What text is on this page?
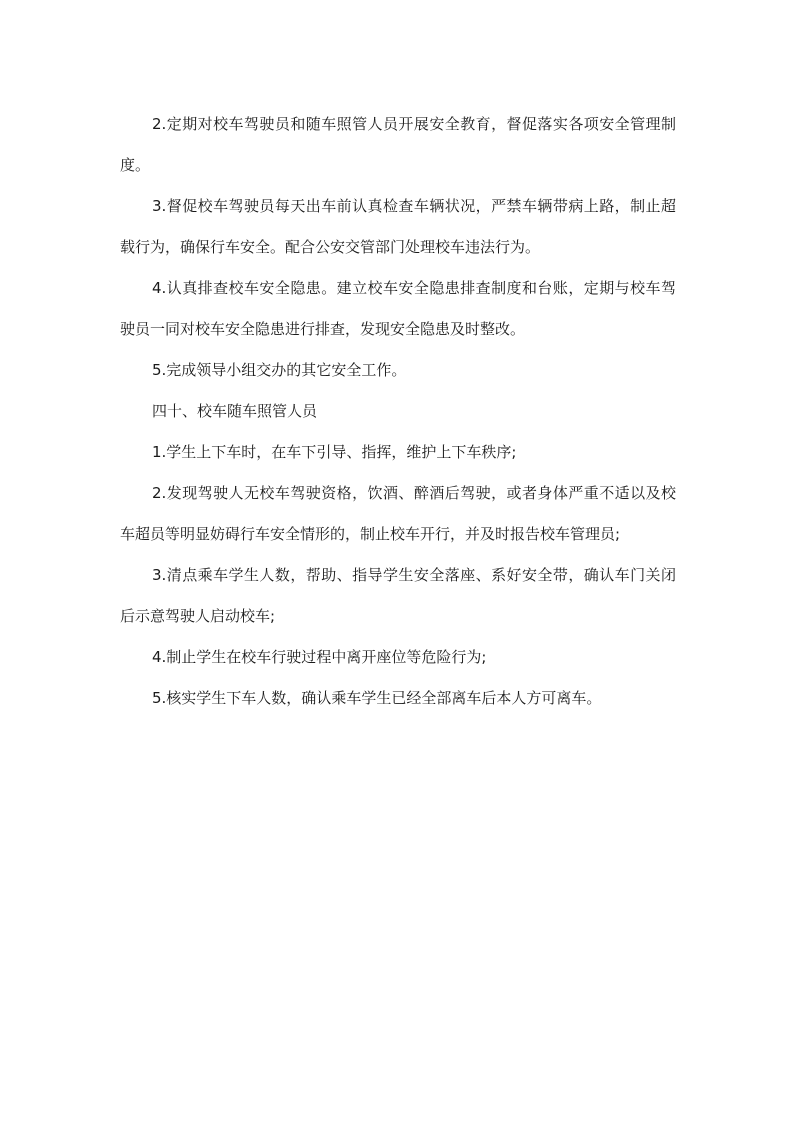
2.定期对校车驾驶员和随车照管人员开展安全教育，督促落实各项安全管理制度。

3.督促校车驾驶员每天出车前认真检查车辆状况，严禁车辆带病上路，制止超载行为，确保行车安全。配合公安交管部门处理校车违法行为。

4.认真排查校车安全隐患。建立校车安全隐患排查制度和台账，定期与校车驾驶员一同对校车安全隐患进行排查，发现安全隐患及时整改。

5.完成领导小组交办的其它安全工作。

四十、校车随车照管人员

1.学生上下车时，在车下引导、指挥，维护上下车秩序;

2.发现驾驶人无校车驾驶资格，饮酒、醉酒后驾驶，或者身体严重不适以及校车超员等明显妨碍行车安全情形的，制止校车开行，并及时报告校车管理员;

3.清点乘车学生人数，帮助、指导学生安全落座、系好安全带，确认车门关闭后示意驾驶人启动校车;

4.制止学生在校车行驶过程中离开座位等危险行为;

5.核实学生下车人数，确认乘车学生已经全部离车后本人方可离车。
